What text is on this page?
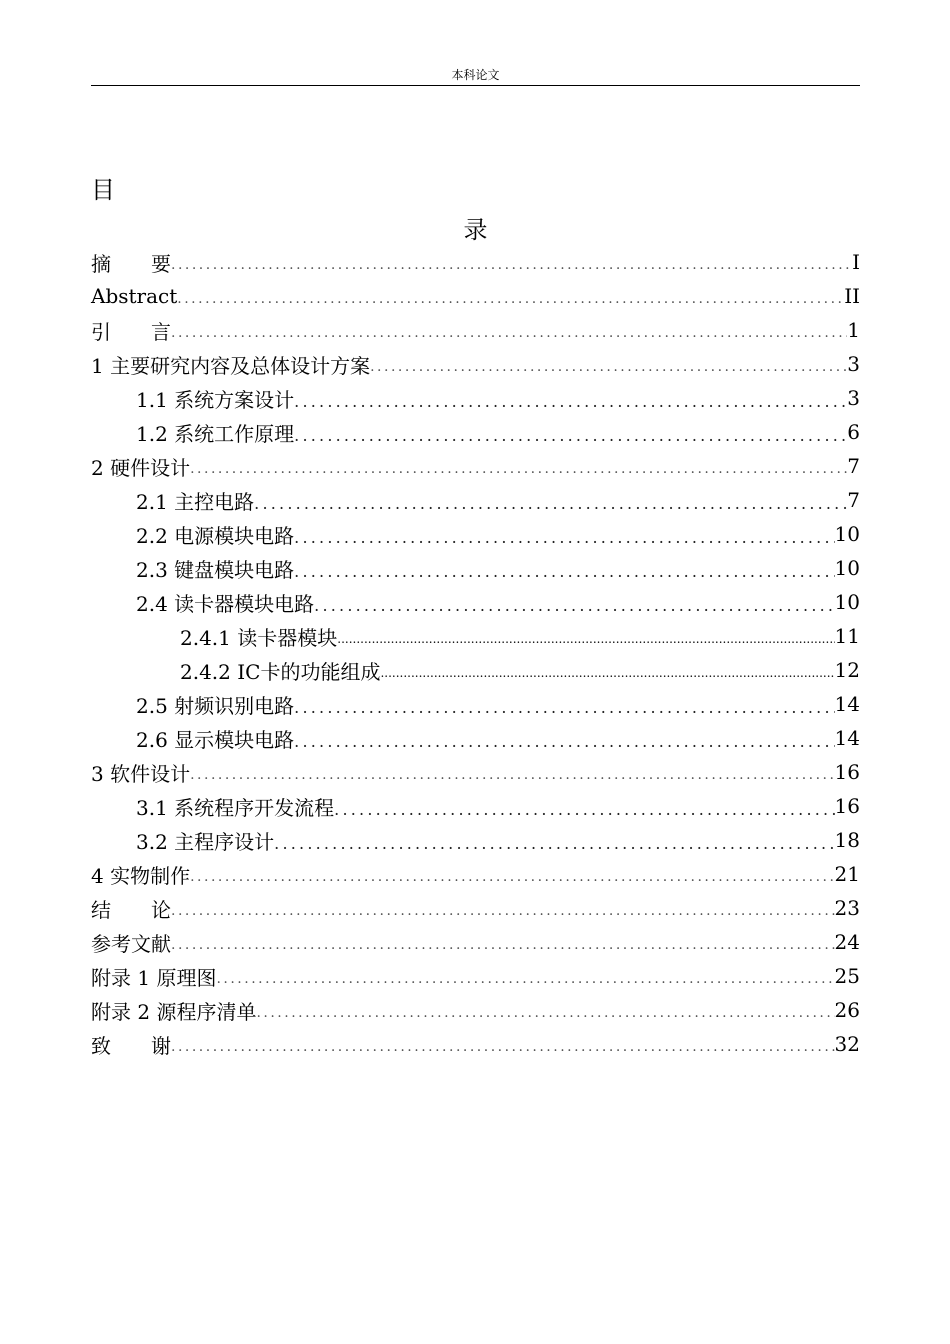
本科论文
目
录
摘　　要 .....	I
Abstract .....	II
引　　言 .....	1
1 主要研究内容及总体设计方案 .....	3
1.1 系统方案设计 .....	3
1.2 系统工作原理 .....	6
2 硬件设计 .....	7
2.1 主控电路 .....	7
2.2 电源模块电路 .....	10
2.3 键盘模块电路 .....	10
2.4 读卡器模块电路 .....	10
2.4.1 读卡器模块 .....	11
2.4.2 IC卡的功能组成 .....	12
2.5 射频识别电路 .....	14
2.6 显示模块电路 .....	14
3 软件设计 .....	16
3.1 系统程序开发流程 .....	16
3.2 主程序设计 .....	18
4 实物制作 .....	21
结　　论 .....	23
参考文献 .....	24
附录 1 原理图 .....	25
附录 2 源程序清单 .....	26
致　　谢 .....	32
